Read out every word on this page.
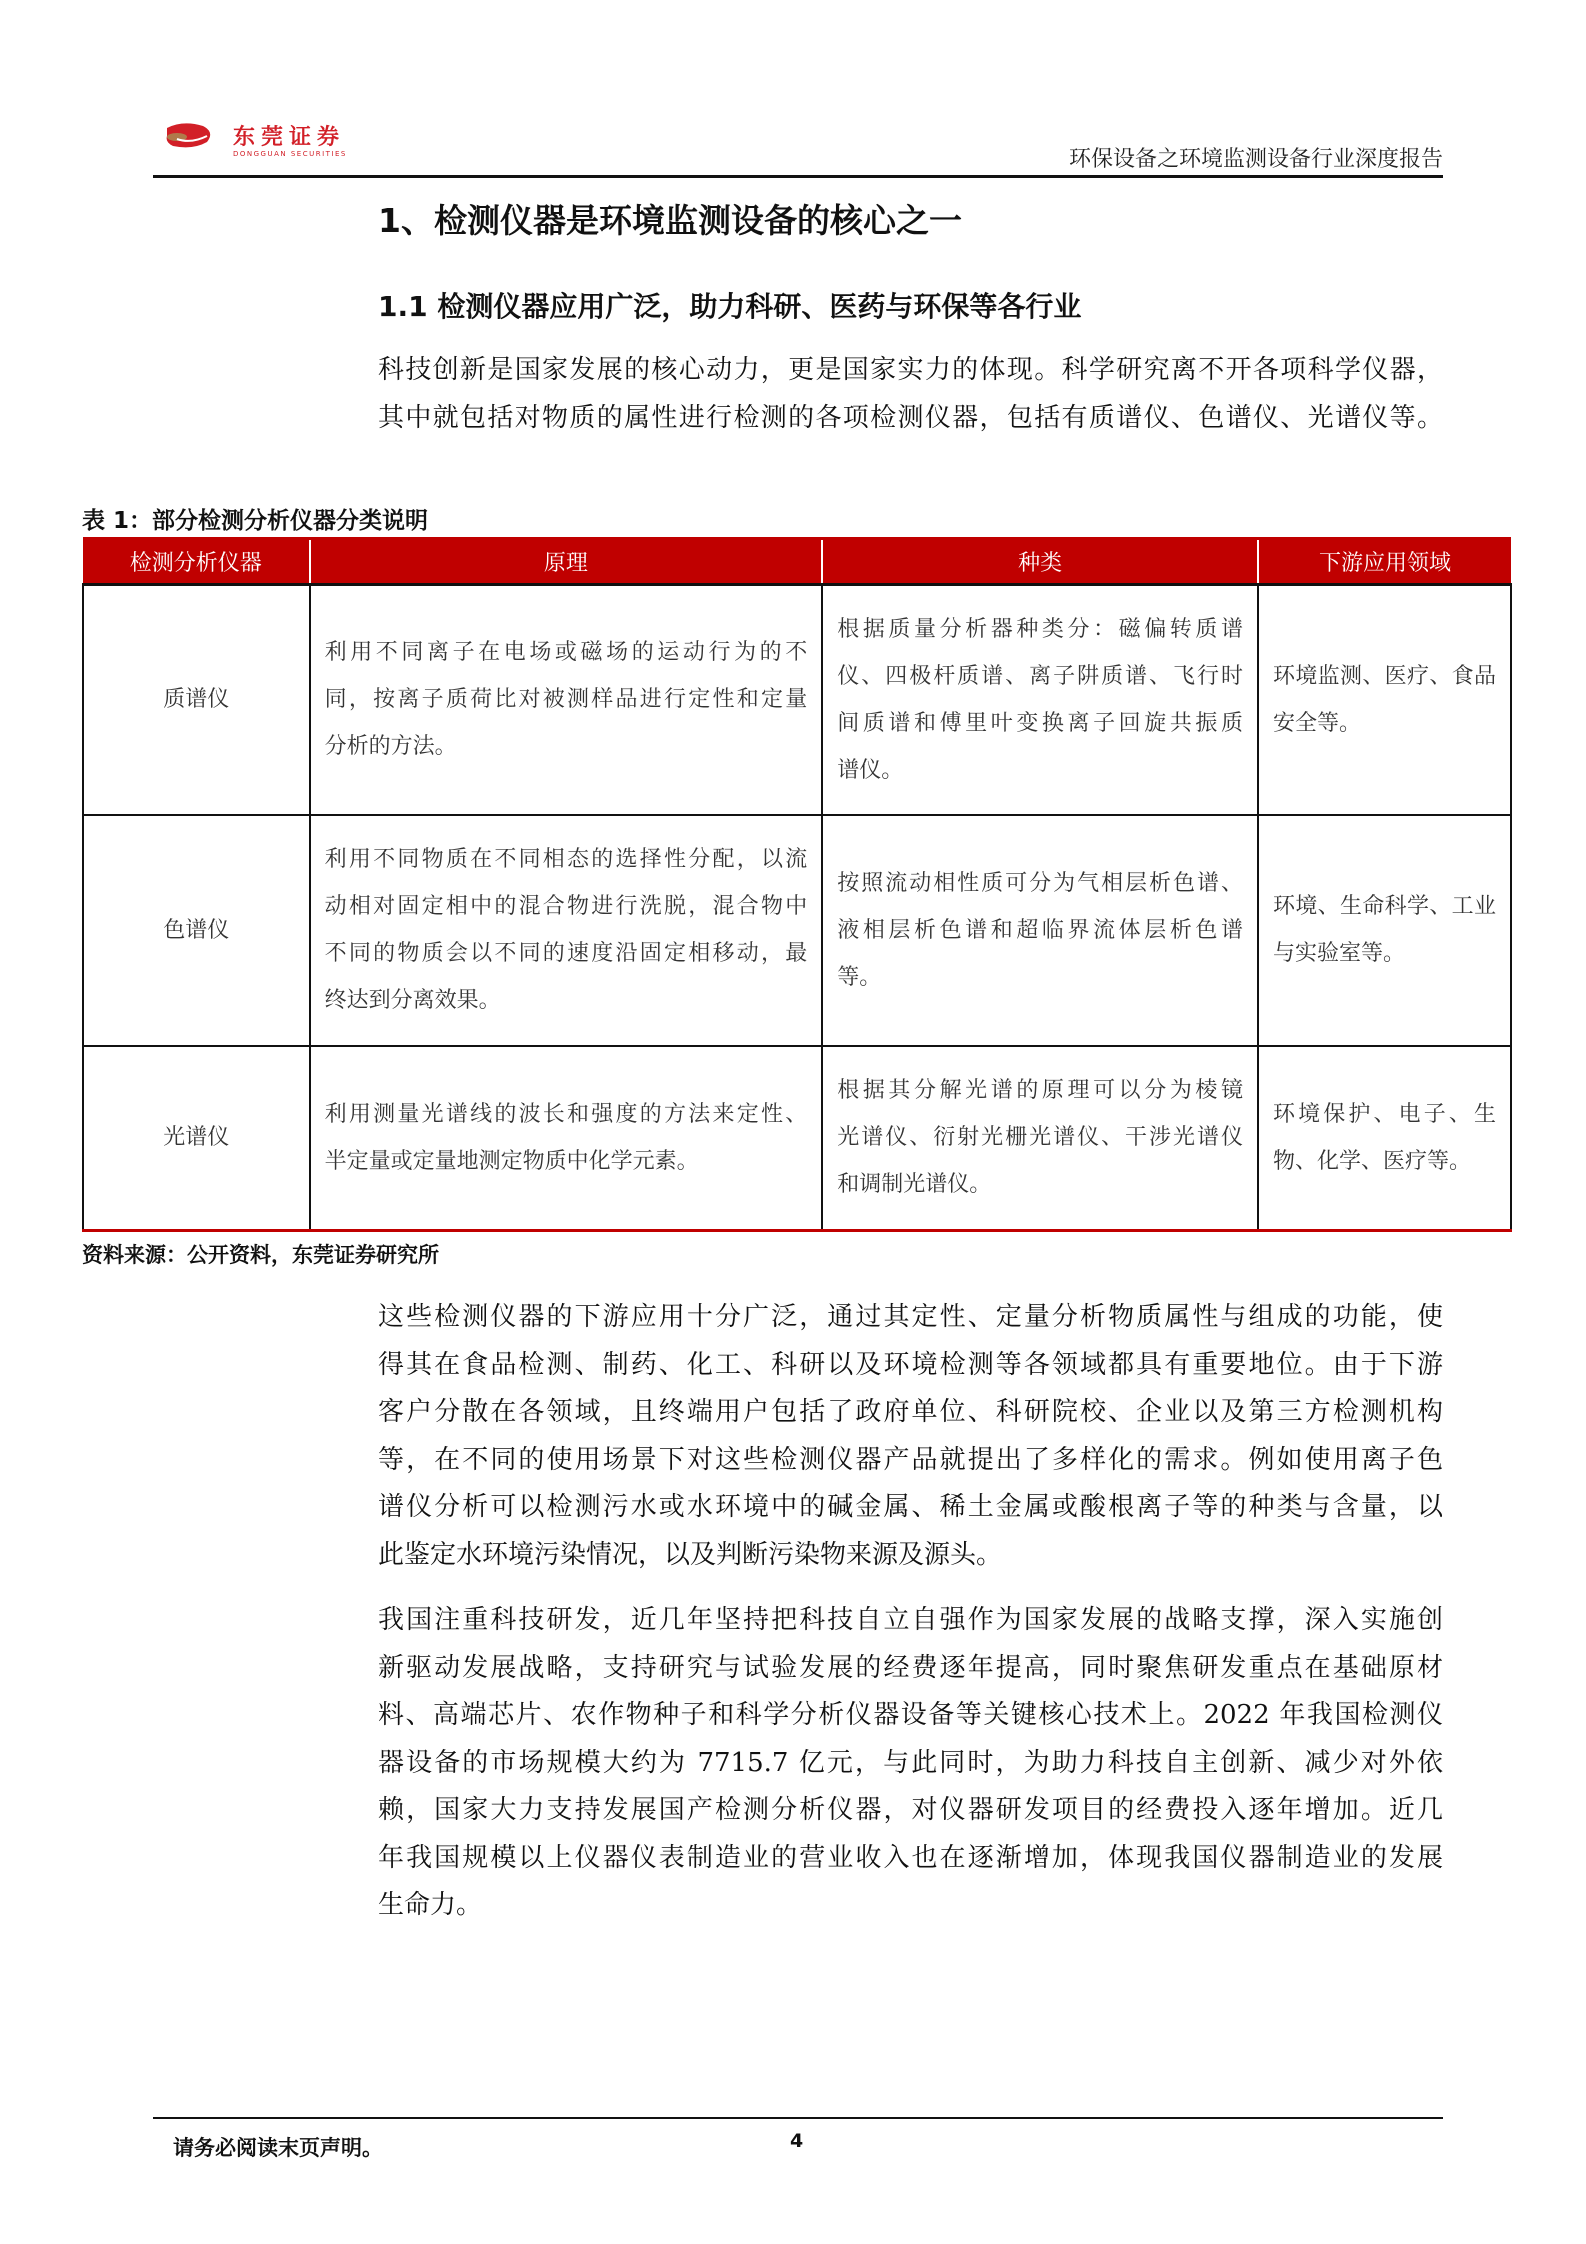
东莞证券
DONGGUAN SECURITIES	环保设备之环境监测设备行业深度报告
1、检测仪器是环境监测设备的核心之一
1.1 检测仪器应用广泛，助力科研、医药与环保等各行业
科技创新是国家发展的核心动力，更是国家实力的体现。科学研究离不开各项科学仪器，
其中就包括对物质的属性进行检测的各项检测仪器，包括有质谱仪、色谱仪、光谱仪等。
表 1：部分检测分析仪器分类说明
检测分析仪器	原理	种类	下游应用领域
质谱仪	利用不同离子在电场或磁场的运动行为的不
同，按离子质荷比对被测样品进行定性和定量
分析的方法。	根据质量分析器种类分：磁偏转质谱
仪、四极杆质谱、离子阱质谱、飞行时
间质谱和傅里叶变换离子回旋共振质
谱仪。	环境监测、医疗、食品
安全等。

色谱仪	利用不同物质在不同相态的选择性分配，以流
动相对固定相中的混合物进行洗脱，混合物中
不同的物质会以不同的速度沿固定相移动，最
终达到分离效果。	按照流动相性质可分为气相层析色谱、
液相层析色谱和超临界流体层析色谱
等。	环境、生命科学、工业
与实验室等。

光谱仪	利用测量光谱线的波长和强度的方法来定性、
半定量或定量地测定物质中化学元素。	根据其分解光谱的原理可以分为棱镜
光谱仪、衍射光栅光谱仪、干涉光谱仪
和调制光谱仪。	环境保护、电子、生
物、化学、医疗等。
资料来源：公开资料，东莞证券研究所
这些检测仪器的下游应用十分广泛，通过其定性、定量分析物质属性与组成的功能，使
得其在食品检测、制药、化工、科研以及环境检测等各领域都具有重要地位。由于下游
客户分散在各领域，且终端用户包括了政府单位、科研院校、企业以及第三方检测机构
等，在不同的使用场景下对这些检测仪器产品就提出了多样化的需求。例如使用离子色
谱仪分析可以检测污水或水环境中的碱金属、稀土金属或酸根离子等的种类与含量，以
此鉴定水环境污染情况，以及判断污染物来源及源头。
我国注重科技研发，近几年坚持把科技自立自强作为国家发展的战略支撑，深入实施创
新驱动发展战略，支持研究与试验发展的经费逐年提高，同时聚焦研发重点在基础原材
料、高端芯片、农作物种子和科学分析仪器设备等关键核心技术上。2022 年我国检测仪
器设备的市场规模大约为 7715.7 亿元，与此同时，为助力科技自主创新、减少对外依
赖，国家大力支持发展国产检测分析仪器，对仪器研发项目的经费投入逐年增加。近几
年我国规模以上仪器仪表制造业的营业收入也在逐渐增加，体现我国仪器制造业的发展
生命力。
请务必阅读末页声明。	4
